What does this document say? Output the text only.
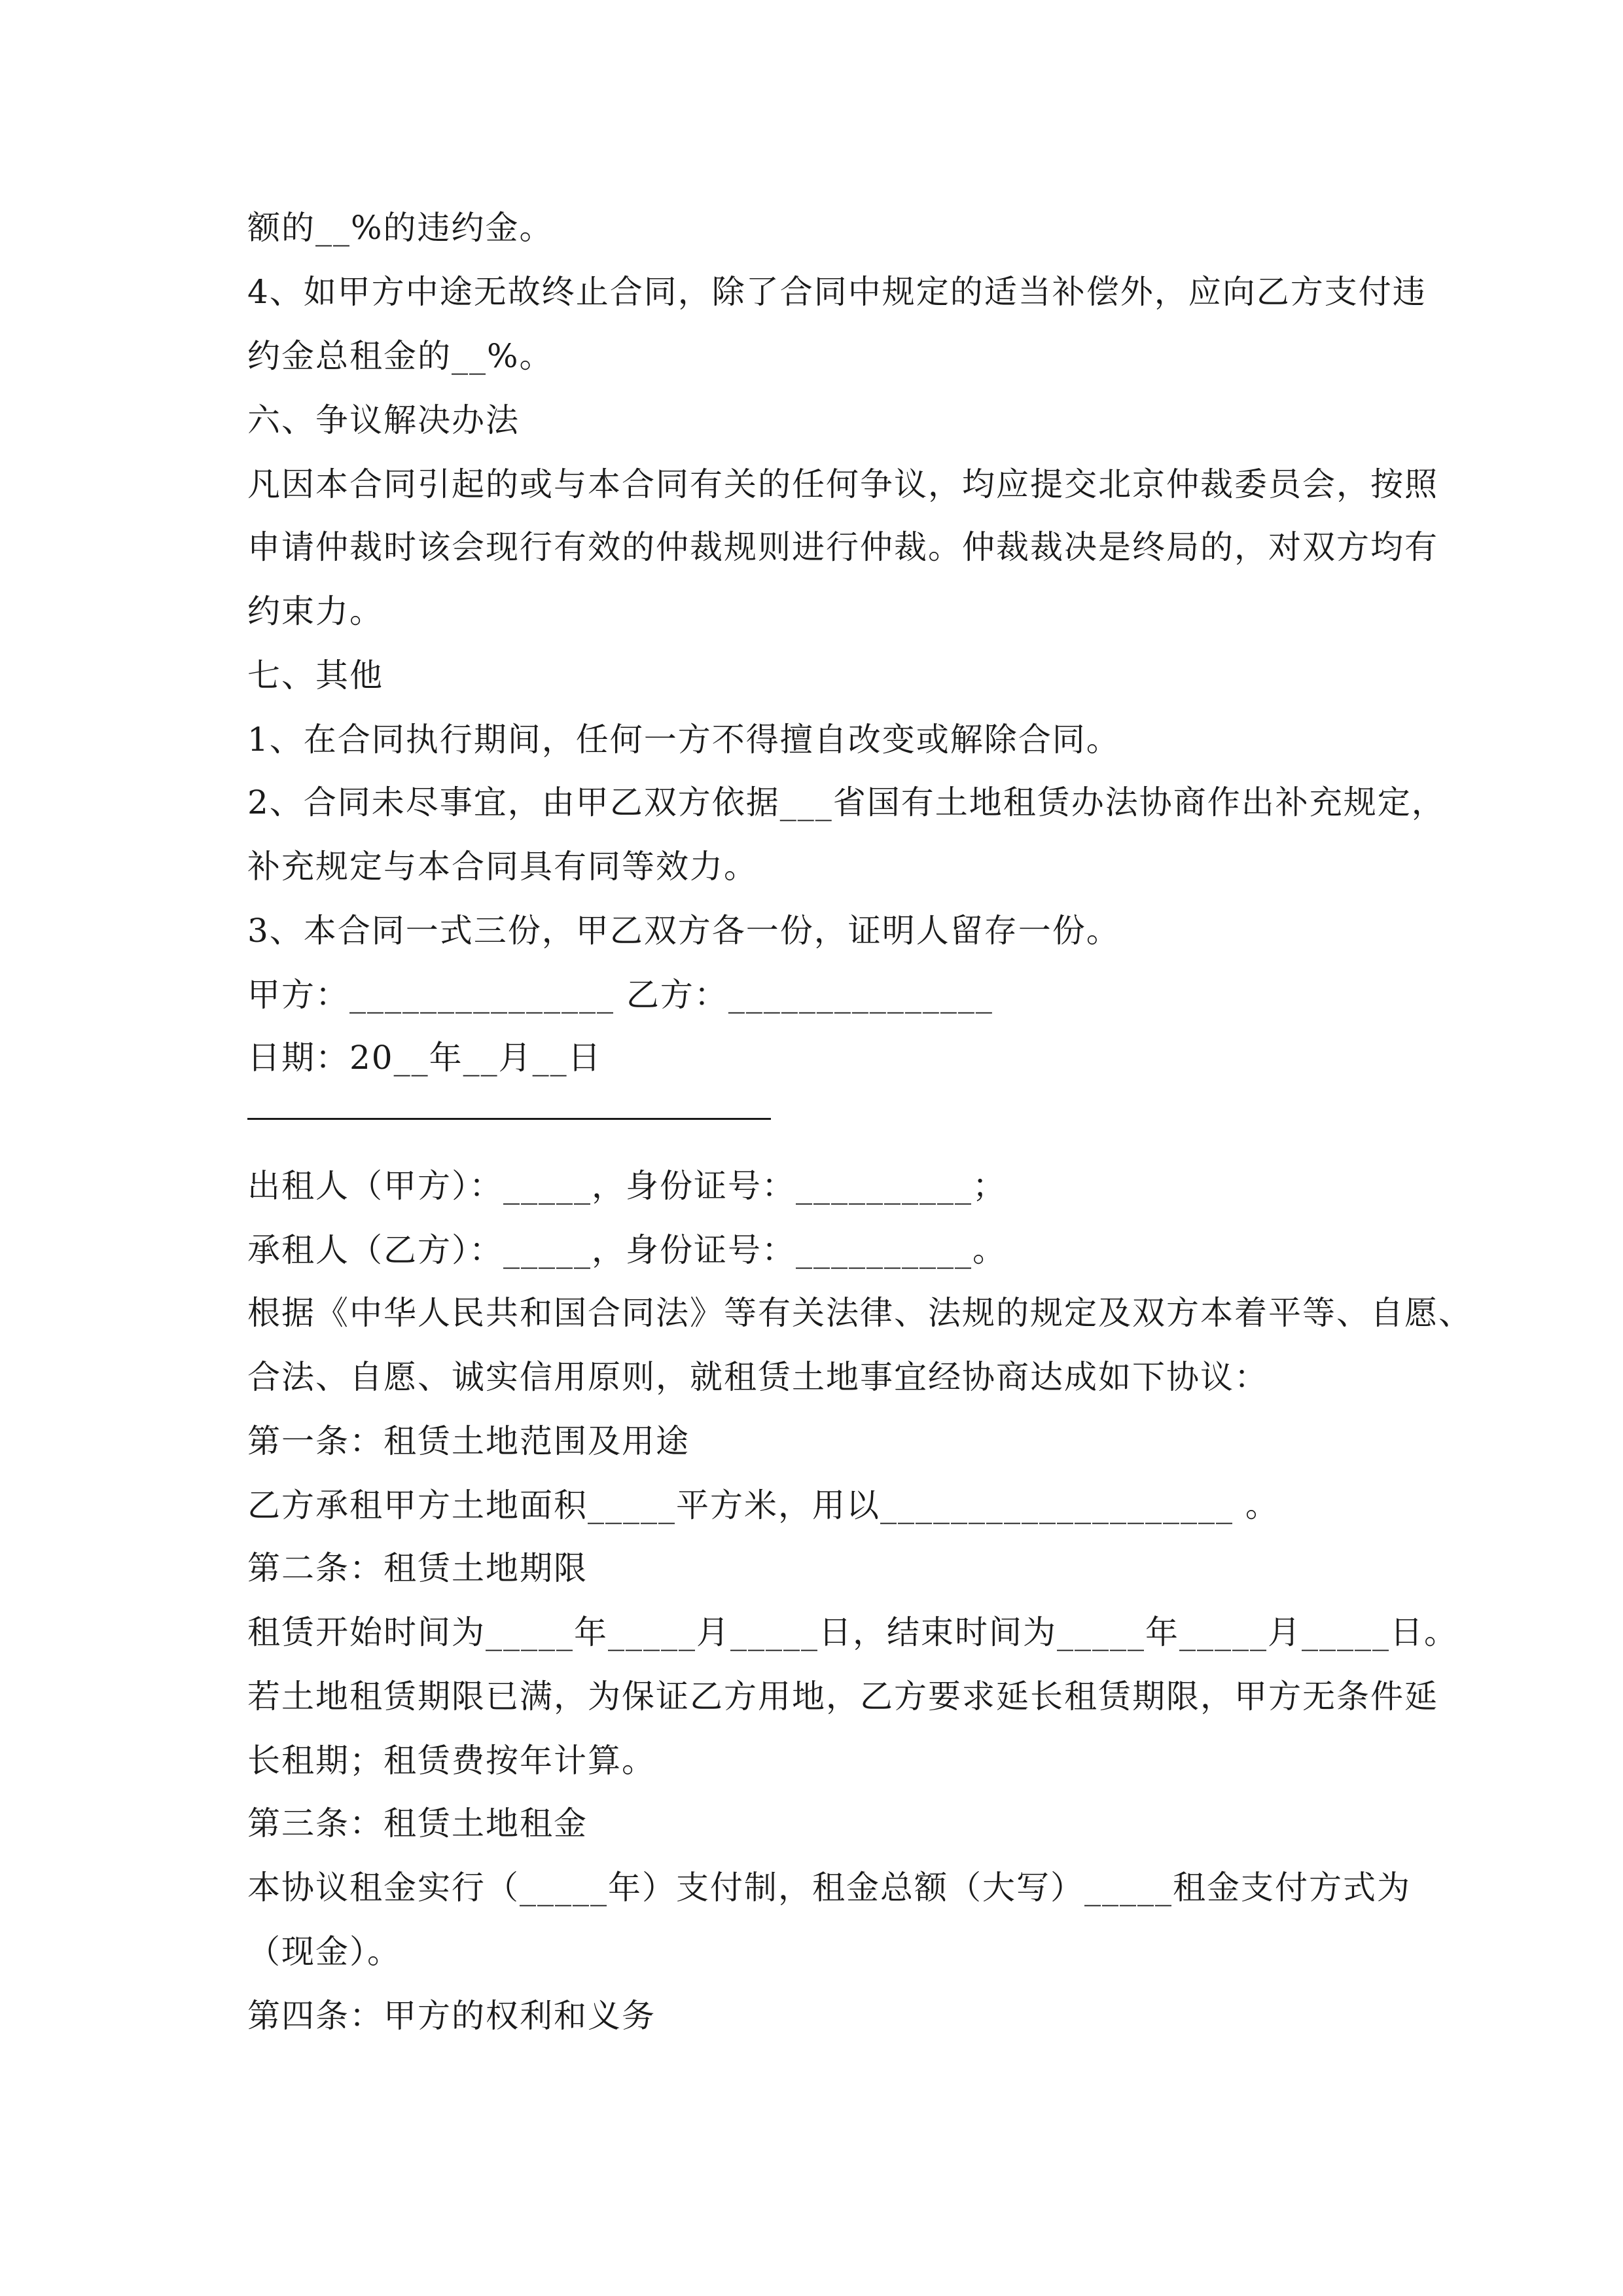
额的__%的违约金。

4、如甲方中途无故终止合同，除了合同中规定的适当补偿外，应向乙方支付违

约金总租金的__%。

六、争议解决办法

凡因本合同引起的或与本合同有关的任何争议，均应提交北京仲裁委员会，按照

申请仲裁时该会现行有效的仲裁规则进行仲裁。仲裁裁决是终局的，对双方均有

约束力。

七、其他

1、在合同执行期间，任何一方不得擅自改变或解除合同。

2、合同未尽事宜，由甲乙双方依据___省国有土地租赁办法协商作出补充规定，

补充规定与本合同具有同等效力。

3、本合同一式三份，甲乙双方各一份，证明人留存一份。

甲方：_______________ 乙方：_______________

日期：20__年__月__日

出租人（甲方）：_____，身份证号：__________；

承租人（乙方）：_____，身份证号：__________。

根据《中华人民共和国合同法》等有关法律、法规的规定及双方本着平等、自愿、

合法、自愿、诚实信用原则，就租赁土地事宜经协商达成如下协议：

第一条：租赁土地范围及用途

乙方承租甲方土地面积_____平方米，用以____________________ 。

第二条：租赁土地期限

租赁开始时间为_____年_____月_____日，结束时间为_____年_____月_____日。

若土地租赁期限已满，为保证乙方用地，乙方要求延长租赁期限，甲方无条件延

长租期；租赁费按年计算。

第三条：租赁土地租金

本协议租金实行（_____年）支付制，租金总额（大写）_____租金支付方式为

（现金）。

第四条：甲方的权利和义务
